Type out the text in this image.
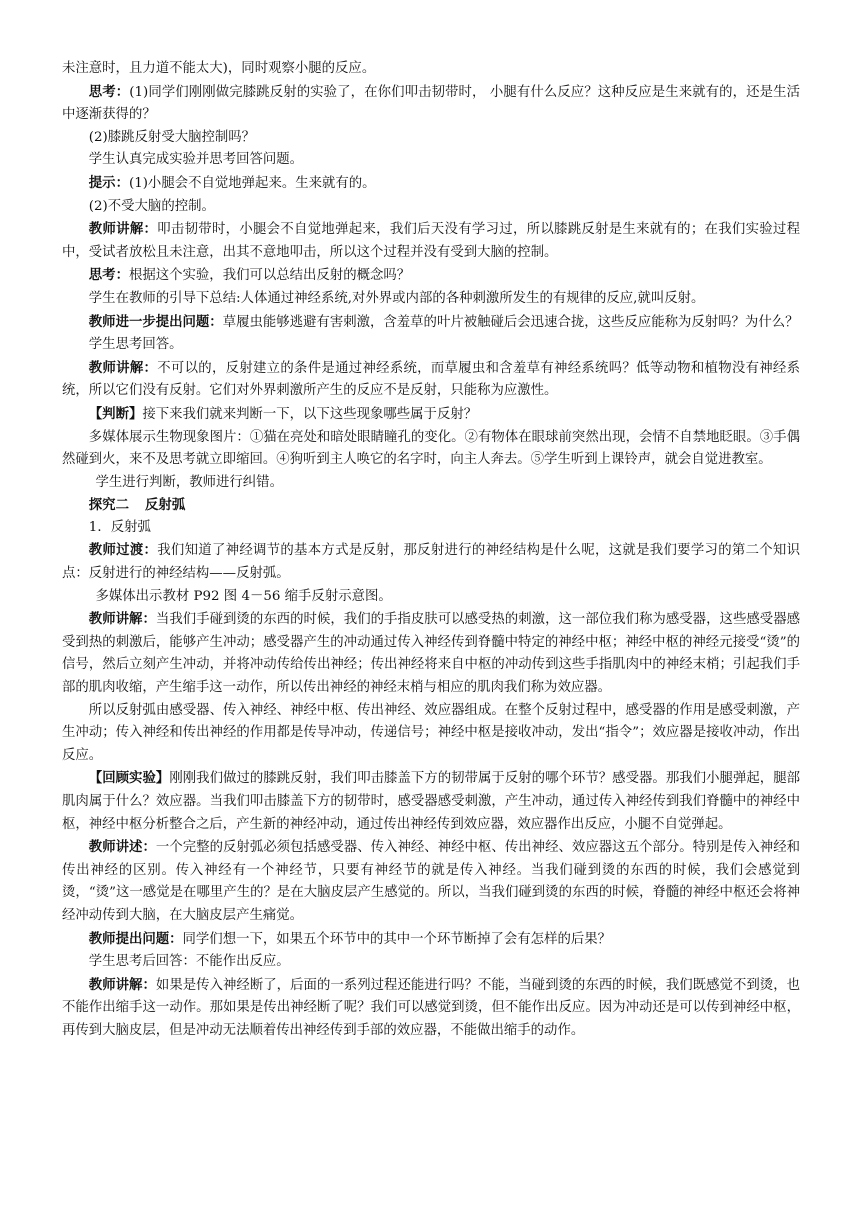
未注意时，且力道不能太大)，同时观察小腿的反应。

思考：(1)同学们刚刚做完膝跳反射的实验了，在你们叩击韧带时， 小腿有什么反应？这种反应是生来就有的，还是生活中逐渐获得的？

(2)膝跳反射受大脑控制吗？

学生认真完成实验并思考回答问题。

提示：(1)小腿会不自觉地弹起来。生来就有的。

(2)不受大脑的控制。

教师讲解：叩击韧带时，小腿会不自觉地弹起来，我们后天没有学习过，所以膝跳反射是生来就有的；在我们实验过程中，受试者放松且未注意，出其不意地叩击，所以这个过程并没有受到大脑的控制。

思考：根据这个实验，我们可以总结出反射的概念吗？

学生在教师的引导下总结:人体通过神经系统,对外界或内部的各种刺激所发生的有规律的反应,就叫反射。

教师进一步提出问题：草履虫能够逃避有害刺激，含羞草的叶片被触碰后会迅速合拢，这些反应能称为反射吗？为什么？

学生思考回答。

教师讲解：不可以的，反射建立的条件是通过神经系统，而草履虫和含羞草有神经系统吗？低等动物和植物没有神经系统，所以它们没有反射。它们对外界刺激所产生的反应不是反射，只能称为应激性。

【判断】接下来我们就来判断一下，以下这些现象哪些属于反射？

多媒体展示生物现象图片：①猫在亮处和暗处眼睛瞳孔的变化。②有物体在眼球前突然出现，会情不自禁地眨眼。③手偶然碰到火，来不及思考就立即缩回。④狗听到主人唤它的名字时，向主人奔去。⑤学生听到上课铃声，就会自觉进教室。

学生进行判断，教师进行纠错。

探究二 反射弧

1．反射弧

教师过渡：我们知道了神经调节的基本方式是反射，那反射进行的神经结构是什么呢，这就是我们要学习的第二个知识点：反射进行的神经结构——反射弧。

多媒体出示教材 P92 图 4－56 缩手反射示意图。

教师讲解：当我们手碰到烫的东西的时候，我们的手指皮肤可以感受热的刺激，这一部位我们称为感受器，这些感受器感受到热的刺激后，能够产生冲动；感受器产生的冲动通过传入神经传到脊髓中特定的神经中枢；神经中枢的神经元接受“烫”的信号，然后立刻产生冲动，并将冲动传给传出神经；传出神经将来自中枢的冲动传到这些手指肌肉中的神经末梢；引起我们手部的肌肉收缩，产生缩手这一动作，所以传出神经的神经末梢与相应的肌肉我们称为效应器。

所以反射弧由感受器、传入神经、神经中枢、传出神经、效应器组成。在整个反射过程中，感受器的作用是感受刺激，产生冲动；传入神经和传出神经的作用都是传导冲动，传递信号；神经中枢是接收冲动，发出“指令”；效应器是接收冲动，作出反应。

【回顾实验】刚刚我们做过的膝跳反射，我们叩击膝盖下方的韧带属于反射的哪个环节？感受器。那我们小腿弹起，腿部肌肉属于什么？效应器。当我们叩击膝盖下方的韧带时，感受器感受刺激，产生冲动，通过传入神经传到我们脊髓中的神经中枢，神经中枢分析整合之后，产生新的神经冲动，通过传出神经传到效应器，效应器作出反应，小腿不自觉弹起。

教师讲述：一个完整的反射弧必须包括感受器、传入神经、神经中枢、传出神经、效应器这五个部分。特别是传入神经和传出神经的区别。传入神经有一个神经节，只要有神经节的就是传入神经。当我们碰到烫的东西的时候，我们会感觉到烫，“烫”这一感觉是在哪里产生的？是在大脑皮层产生感觉的。所以，当我们碰到烫的东西的时候，脊髓的神经中枢还会将神经冲动传到大脑，在大脑皮层产生痛觉。

教师提出问题：同学们想一下，如果五个环节中的其中一个环节断掉了会有怎样的后果？

学生思考后回答：不能作出反应。

教师讲解：如果是传入神经断了，后面的一系列过程还能进行吗？不能，当碰到烫的东西的时候，我们既感觉不到烫，也不能作出缩手这一动作。那如果是传出神经断了呢？我们可以感觉到烫，但不能作出反应。因为冲动还是可以传到神经中枢，再传到大脑皮层，但是冲动无法顺着传出神经传到手部的效应器，不能做出缩手的动作。
